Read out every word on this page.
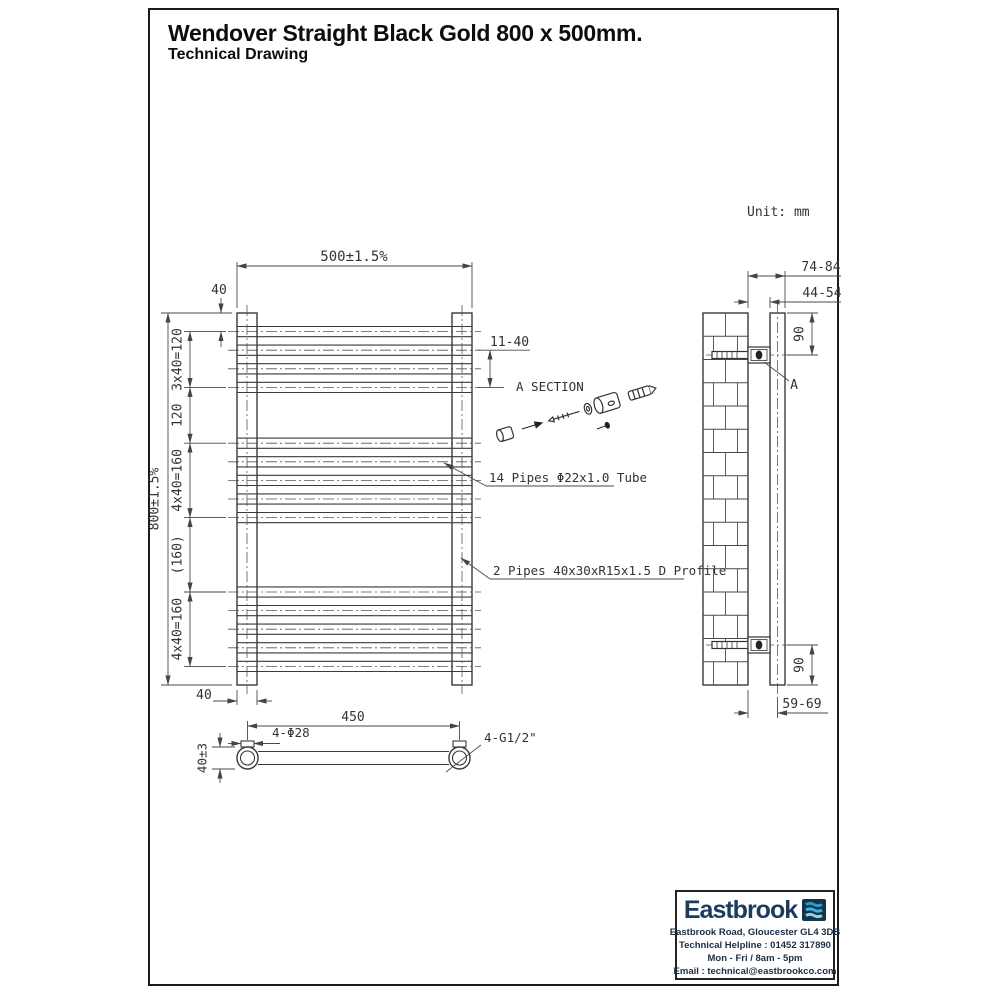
Wendover Straight Black Gold 800 x 500mm.
Technical Drawing
Unit: mm
500±1.5%
40
3x40=120
120
4x40=160
(160)
4x40=160
800±1.5%
40
11-40
14 Pipes Φ22x1.0 Tube
2 Pipes 40x30xR15x1.5 D Profile
A SECTION
74-84
44-54
90
A
90
59-69
450
4-Φ28	4-G1/2"
40±3
Eastbrook
Eastbrook Road, Gloucester GL4 3DB
Technical Helpline : 01452 317890
Mon - Fri / 8am - 5pm
Email : technical@eastbrookco.com
